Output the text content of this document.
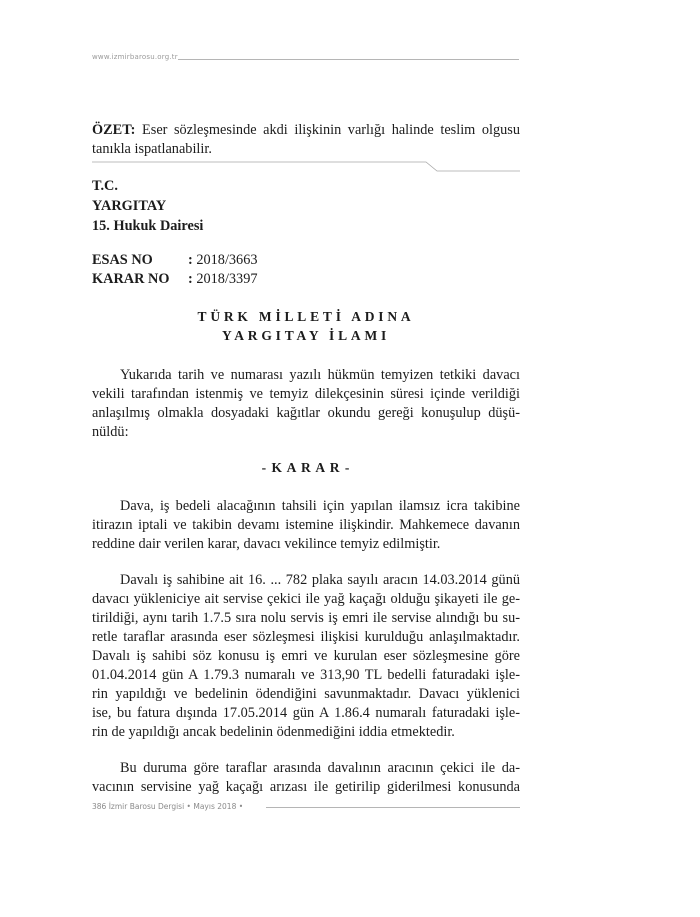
www.izmirbarosu.org.tr
ÖZET: Eser sözleşmesinde akdi ilişkinin varlığı halinde teslim olgusu
tanıkla ispatlanabilir.
T.C.
YARGITAY
15. Hukuk Dairesi
ESAS NO	: 2018/3663
KARAR NO	: 2018/3397
TÜRK MİLLETİ ADINA
YARGITAY İLAMI
Yukarıda tarih ve numarası yazılı hükmün temyizen tetkiki davacı
vekili tarafından istenmiş ve temyiz dilekçesinin süresi içinde verildiği
anlaşılmış olmakla dosyadaki kağıtlar okundu gereği konuşulup düşü-
nüldü:
- K A R A R -
Dava, iş bedeli alacağının tahsili için yapılan ilamsız icra takibine
itirazın iptali ve takibin devamı istemine ilişkindir. Mahkemece davanın
reddine dair verilen karar, davacı vekilince temyiz edilmiştir.
Davalı iş sahibine ait 16. ... 782 plaka sayılı aracın 14.03.2014 günü
davacı yükleniciye ait servise çekici ile yağ kaçağı olduğu şikayeti ile ge-
tirildiği, aynı tarih 1.7.5 sıra nolu servis iş emri ile servise alındığı bu su-
retle taraflar arasında eser sözleşmesi ilişkisi kurulduğu anlaşılmaktadır.
Davalı iş sahibi söz konusu iş emri ve kurulan eser sözleşmesine göre
01.04.2014 gün A 1.79.3 numaralı ve 313,90 TL bedelli faturadaki işle-
rin yapıldığı ve bedelinin ödendiğini savunmaktadır. Davacı yüklenici
ise, bu fatura dışında 17.05.2014 gün A 1.86.4 numaralı faturadaki işle-
rin de yapıldığı ancak bedelinin ödenmediğini iddia etmektedir.
Bu duruma göre taraflar arasında davalının aracının çekici ile da-
vacının servisine yağ kaçağı arızası ile getirilip giderilmesi konusunda
386 İzmir Barosu Dergisi • Mayıs 2018 •
